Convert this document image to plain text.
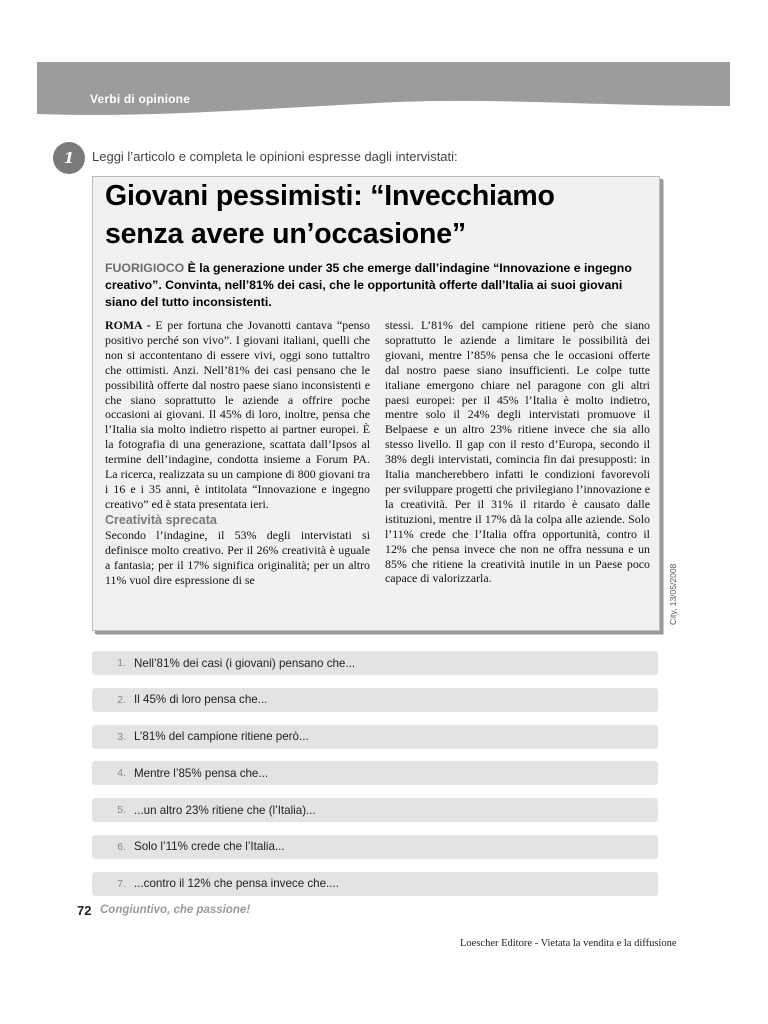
Verbi di opinione
1	Leggi l’articolo e completa le opinioni espresse dagli intervistati:
Giovani pessimisti: “Invecchiamo
senza avere un’occasione”
FUORIGIOCO È la generazione under 35 che emerge dall’indagine “Innovazione e ingegno creativo”. Convinta, nell’81% dei casi, che le opportunità offerte dall’Italia ai suoi giovani siano del tutto inconsistenti.

ROMA - E per fortuna che Jovanotti cantava “penso positivo perché son vivo”. I giovani italiani, quelli che non si accontentano di essere vivi, oggi sono tuttaltro che ottimisti. Anzi. Nell’81% dei casi pensano che le possibilità offerte dal nostro paese siano inconsistenti e che siano soprattutto le aziende a offrire poche occasioni ai giovani. Il 45% di loro, inoltre, pensa che l’Italia sia molto indietro rispetto ai partner europei. È la fotografia di una generazione, scattata dall’Ipsos al termine dell’indagine, condotta insieme a Forum PA. La ricerca, realizzata su un campione di 800 giovani tra i 16 e i 35 anni, è intitolata “Innovazione e ingegno creativo” ed è stata presentata ieri.

Creatività sprecata

Secondo l’indagine, il 53% degli intervistati si definisce molto creativo. Per il 26% creatività è uguale a fantasia; per il 17% significa originalità; per un altro 11% vuol dire espressione di se

stessi. L’81% del campione ritiene però che siano soprattutto le aziende a limitare le possibilità dei giovani, mentre l’85% pensa che le occasioni offerte dal nostro paese siano insufficienti. Le colpe tutte italiane emergono chiare nel paragone con gli altri paesi europei: per il 45% l’Italia è molto indietro, mentre solo il 24% degli intervistati promuove il Belpaese e un altro 23% ritiene invece che sia allo stesso livello. Il gap con il resto d’Europa, secondo il 38% degli intervistati, comincia fin dai presupposti: in Italia mancherebbero infatti le condizioni favorevoli per sviluppare progetti che privilegiano l’innovazione e la creatività. Per il 31% il ritardo è causato dalle istituzioni, mentre il 17% dà la colpa alle aziende. Solo l’11% crede che l’Italia offra opportunità, contro il 12% che pensa invece che non ne offra nessuna e un 85% che ritiene la creatività inutile in un Paese poco capace di valorizzarla.	City, 13/05/2008
1. Nell’81% dei casi (i giovani) pensano che...
2. Il 45% di loro pensa che...
3. L’81% del campione ritiene però...
4. Mentre l’85% pensa che...
5. ...un altro 23% ritiene che (l’Italia)...
6. Solo l’11% crede che l’Italia...
7. ...contro il 12% che pensa invece che....
72 Congiuntivo, che passione!
Loescher Editore - Vietata la vendita e la diffusione
